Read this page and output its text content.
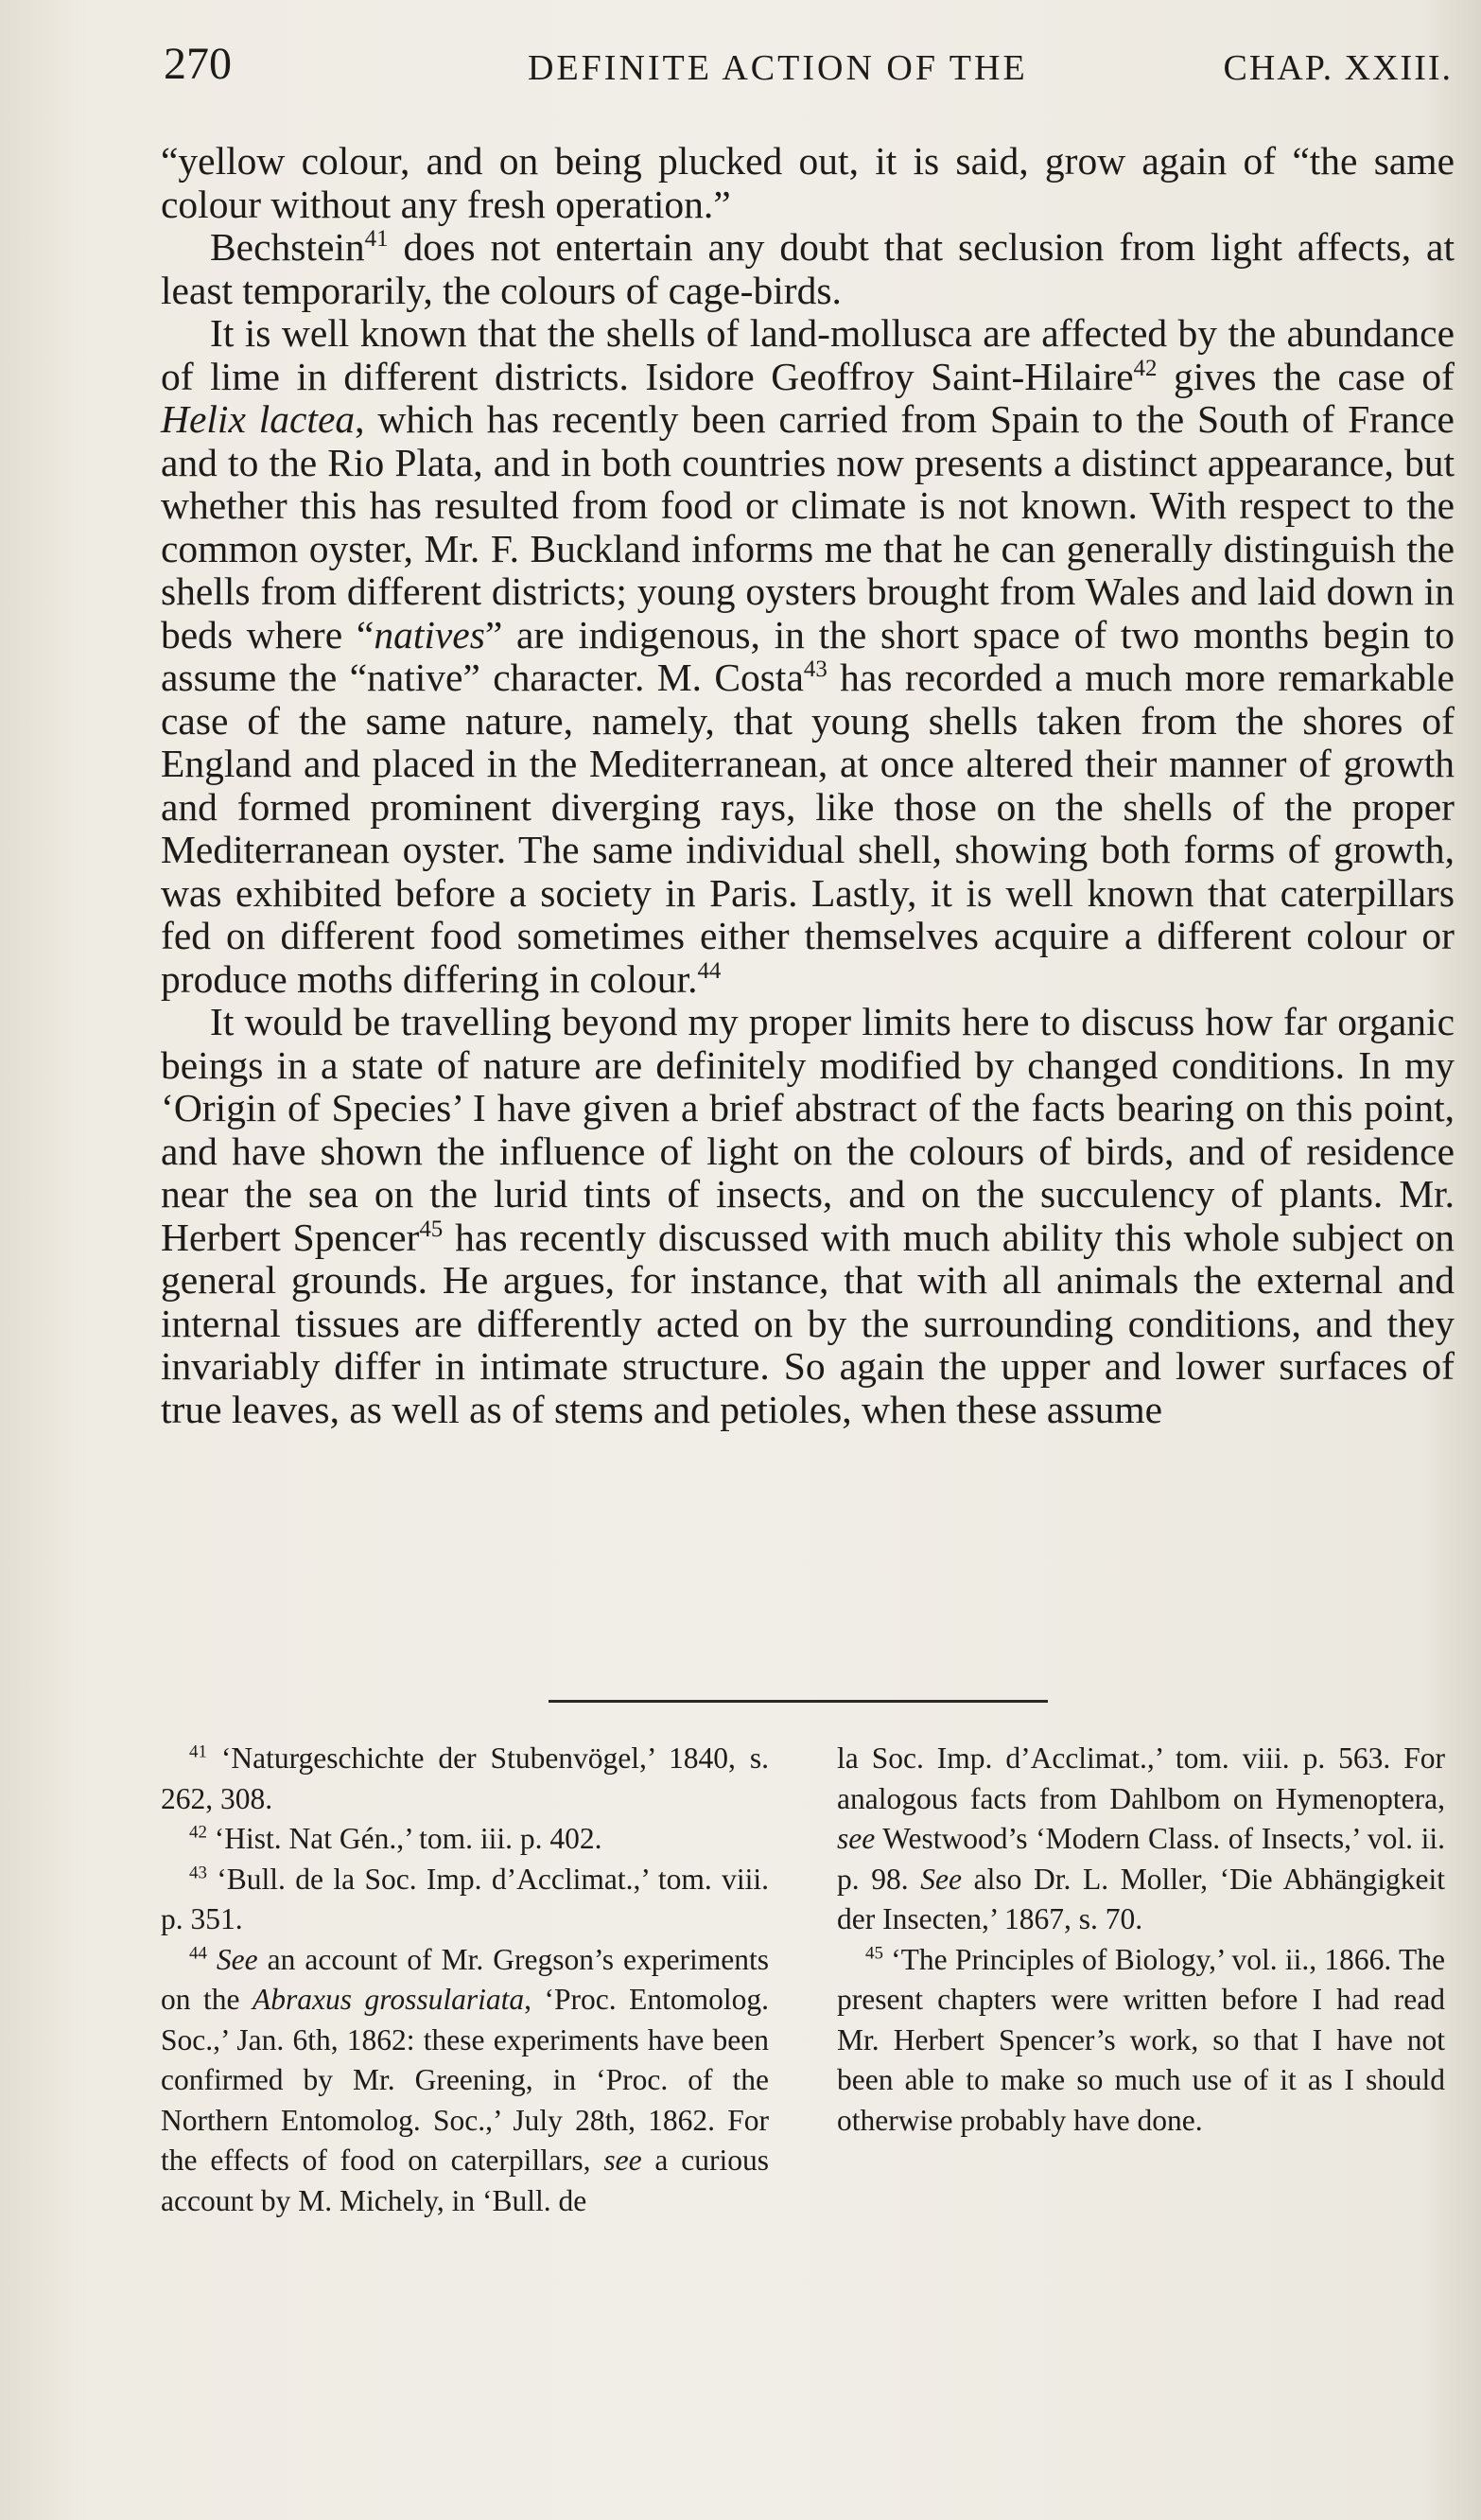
270	DEFINITE ACTION OF THE	CHAP. XXIII.

“yellow colour, and on being plucked out, it is said, grow again of “the same colour without any fresh operation.”

Bechstein$^{41}$ does not entertain any doubt that seclusion from light affects, at least temporarily, the colours of cage-birds.

It is well known that the shells of land-mollusca are affected by the abundance of lime in different districts. Isidore Geoffroy Saint-Hilaire$^{42}$ gives the case of Helix lactea, which has recently been carried from Spain to the South of France and to the Rio Plata, and in both countries now presents a distinct appearance, but whether this has resulted from food or climate is not known. With respect to the common oyster, Mr. F. Buckland informs me that he can generally distinguish the shells from different districts; young oysters brought from Wales and laid down in beds where “natives” are indigenous, in the short space of two months begin to assume the “native” character. M. Costa$^{43}$ has recorded a much more remarkable case of the same nature, namely, that young shells taken from the shores of England and placed in the Mediterranean, at once altered their manner of growth and formed prominent diverging rays, like those on the shells of the proper Mediterranean oyster. The same individual shell, showing both forms of growth, was exhibited before a society in Paris. Lastly, it is well known that caterpillars fed on different food sometimes either themselves acquire a different colour or produce moths differing in colour.$^{44}$

It would be travelling beyond my proper limits here to discuss how far organic beings in a state of nature are definitely modified by changed conditions. In my ‘Origin of Species’ I have given a brief abstract of the facts bearing on this point, and have shown the influence of light on the colours of birds, and of residence near the sea on the lurid tints of insects, and on the succulency of plants. Mr. Herbert Spencer$^{45}$ has recently discussed with much ability this whole subject on general grounds. He argues, for instance, that with all animals the external and internal tissues are differently acted on by the surrounding conditions, and they invariably differ in intimate structure. So again the upper and lower surfaces of true leaves, as well as of stems and petioles, when these assume

$^{41}$ ‘Naturgeschichte der Stubenvögel,’ 1840, s. 262, 308.

$^{42}$ ‘Hist. Nat Gén.,’ tom. iii. p. 402.

$^{43}$ ‘Bull. de la Soc. Imp. d’Acclimat.,’ tom. viii. p. 351.

$^{44}$ See an account of Mr. Gregson’s experiments on the Abraxus grossulariata, ‘Proc. Entomolog. Soc.,’ Jan. 6th, 1862: these experiments have been confirmed by Mr. Greening, in ‘Proc. of the Northern Entomolog. Soc.,’ July 28th, 1862. For the effects of food on caterpillars, see a curious account by M. Michely, in ‘Bull. de

la Soc. Imp. d’Acclimat.,’ tom. viii. p. 563. For analogous facts from Dahlbom on Hymenoptera, see Westwood’s ‘Modern Class. of Insects,’ vol. ii. p. 98. See also Dr. L. Moller, ‘Die Abhängigkeit der Insecten,’ 1867, s. 70.

$^{45}$ ‘The Principles of Biology,’ vol. ii., 1866. The present chapters were written before I had read Mr. Herbert Spencer’s work, so that I have not been able to make so much use of it as I should otherwise probably have done.
